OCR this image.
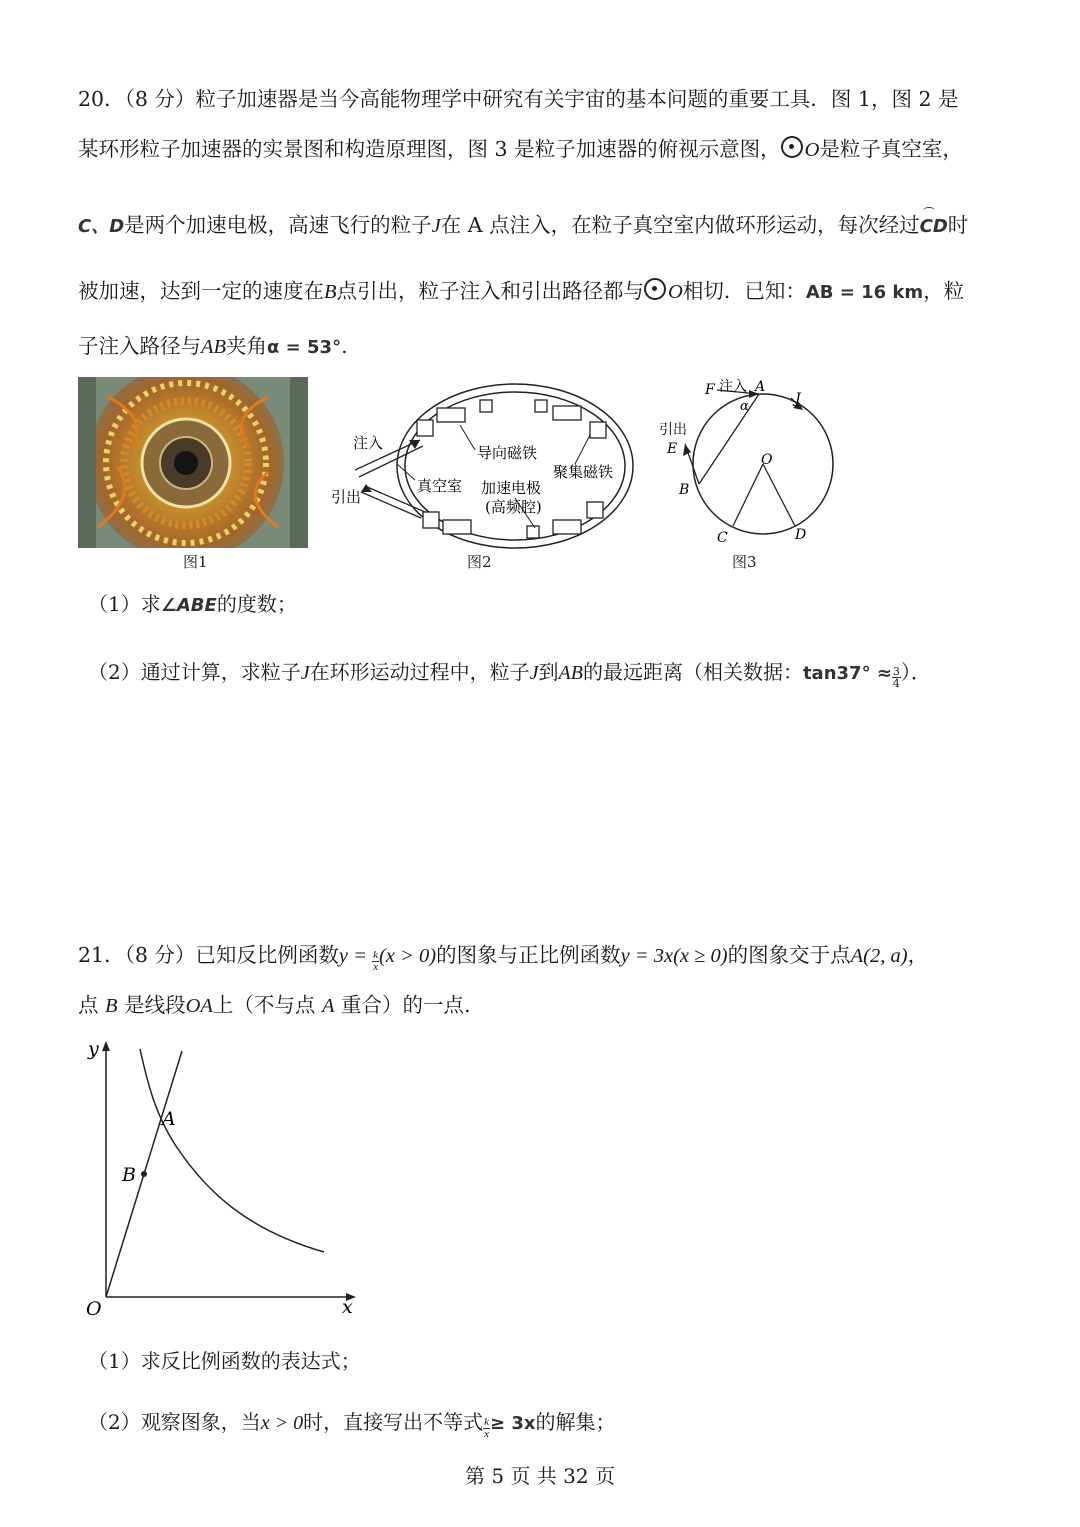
20．（8 分）粒子加速器是当今高能物理学中研究有关宇宙的基本问题的重要工具．图 1，图 2 是
某环形粒子加速器的实景图和构造原理图，图 3 是粒子加速器的俯视示意图， O是粒子真空室，
C、D是两个加速电极，高速飞行的粒子J在 A 点注入，在粒子真空室内做环形运动，每次经过CD时
被加速，达到一定的速度在B点引出，粒子注入和引出路径都与 O相切．已知：AB = 16 km，粒
子注入路径与AB夹角α = 53°.
图1
注入
引出
导向磁铁
真空室 加速电极
(高频腔)
聚集磁铁
图2
F 注入 A
α	J
引出
E
B
O
C	D
图3
（1）求∠ABE的度数；
（2）通过计算，求粒子J在环形运动过程中，粒子J到AB的最远距离（相关数据：$\tan 37^\circ \approx \frac{3}{4}$ ）．
21．（8 分）已知反比例函数$y = \frac{k}{x} (x > 0)$的图象与正比例函数y = 3x(x ≥ 0)的图象交于点A(2, a)，
点 B 是线段OA上（不与点 A 重合）的一点.
y
x
O
A
B
（1）求反比例函数的表达式；
（2）观察图象，当x > 0时，直接写出不等式 $\frac{k}{x} \ge 3x$的解集；
第 5 页 共 32 页
